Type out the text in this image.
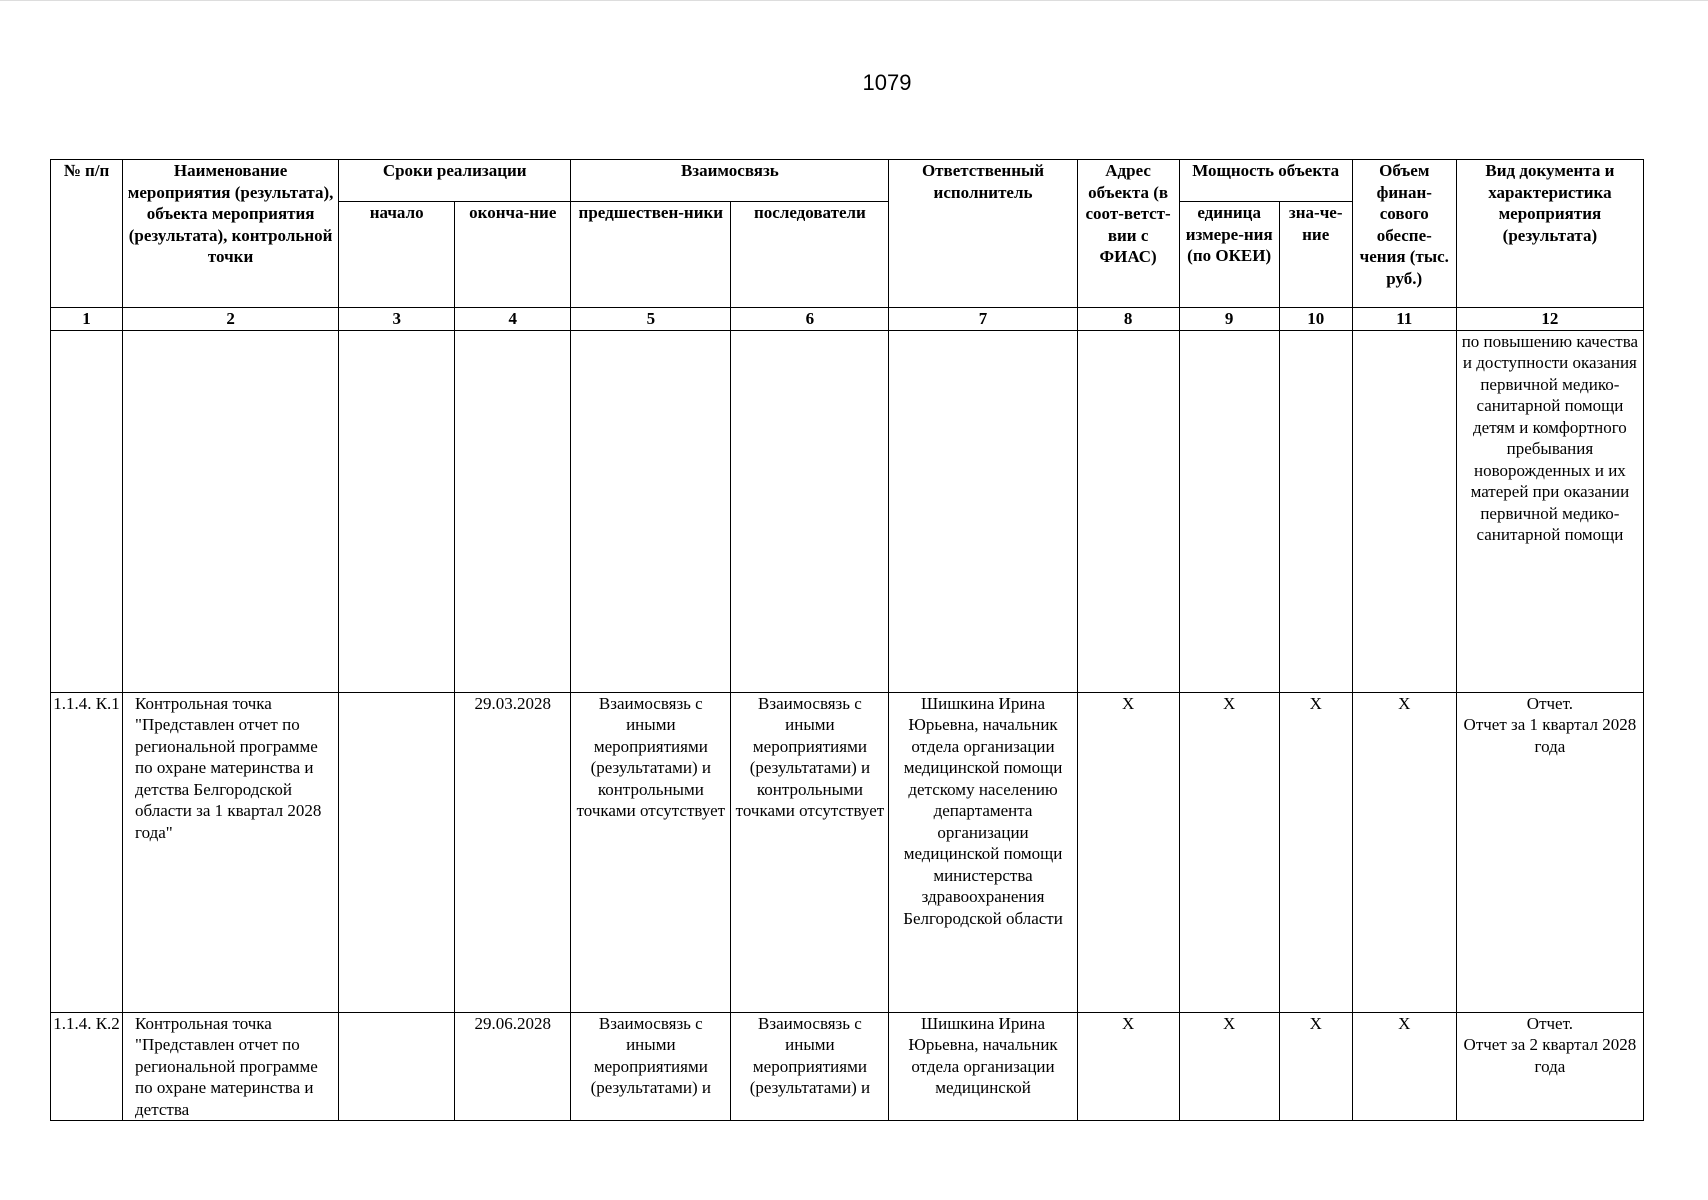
1079
№ п/п	Наименование мероприятия (результата), объекта мероприятия (результата), контрольной точки	Сроки реализации		Взаимосвязь		Ответственный исполнитель	Адрес объекта (в соот-ветст-вии с ФИАС)	Мощность объекта		Объем финан-сового обеспе-чения (тыс. руб.)	Вид документа и характеристика мероприятия (результата)
		начало	оконча-ние	предшествен-ники	последователи			единица измере-ния (по ОКЕИ)	зна-че-ние		
1	2	3	4	5	6	7	8	9	10	11	12
											по повышению качества и доступности оказания первичной медико-санитарной помощи детям и комфортного пребывания новорожденных и их матерей при оказании первичной медико-санитарной помощи
1.1.4. К.1	Контрольная точка "Представлен отчет по региональной программе по охране материнства и детства Белгородской области за 1 квартал 2028 года"		29.03.2028	Взаимосвязь с иными мероприятиями (результатами) и контрольными точками отсутствует	Взаимосвязь с иными мероприятиями (результатами) и контрольными точками отсутствует	Шишкина Ирина Юрьевна, начальник отдела организации медицинской помощи детскому населению департамента организации медицинской помощи министерства здравоохранения Белгородской области	X	X	X	X	Отчет.
Отчет за 1 квартал 2028 года

1.1.4. К.2	Контрольная точка "Представлен отчет по региональной программе по охране материнства и детства		29.06.2028	Взаимосвязь с иными мероприятиями (результатами) и	Взаимосвязь с иными мероприятиями (результатами) и	Шишкина Ирина Юрьевна, начальник отдела организации медицинской	X	X	X	X	Отчет.
Отчет за 2 квартал 2028 года
